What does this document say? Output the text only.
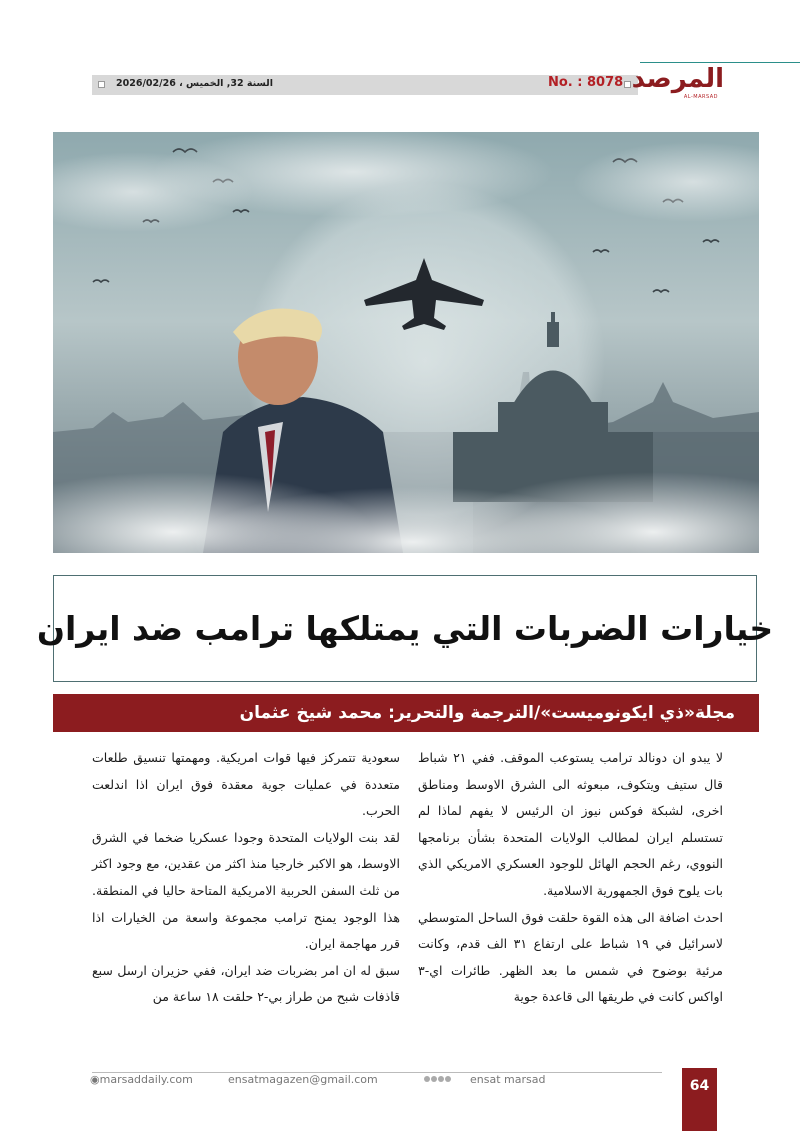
السنة 32, الخميس ، 2026/02/26	No. : 8078 المرصد
AL-MARSAD
خيارات الضربات التي يمتلكها ترامب ضد ايران
مجلة«ذي ايكونوميست»/الترجمة والتحرير: محمد شيخ عثمان

لا يبدو ان دونالد ترامب يستوعب الموقف. ففي ٢١ شباط قال ستيف ويتكوف، مبعوثه الى الشرق الاوسط ومناطق اخرى، لشبكة فوكس نيوز ان الرئيس لا يفهم لماذا لم تستسلم ايران لمطالب الولايات المتحدة بشأن برنامجها النووي، رغم الحجم الهائل للوجود العسكري الامريكي الذي بات يلوح فوق الجمهورية الاسلامية.

احدث اضافة الى هذه القوة حلقت فوق الساحل المتوسطي لاسرائيل في ١٩ شباط على ارتفاع ٣١ الف قدم، وكانت مرئية بوضوح في شمس ما بعد الظهر. طائرات اي-٣ اواكس كانت في طريقها الى قاعدة جوية

سعودية تتمركز فيها قوات امريكية. ومهمتها تنسيق طلعات متعددة في عمليات جوية معقدة فوق ايران اذا اندلعت الحرب.

لقد بنت الولايات المتحدة وجودا عسكريا ضخما في الشرق الاوسط، هو الاكبر خارجيا منذ اكثر من عقدين، مع وجود اكثر من ثلث السفن الحربية الامريكية المتاحة حاليا في المنطقة. هذا الوجود يمنح ترامب مجموعة واسعة من الخيارات اذا قرر مهاجمة ايران.

سبق له ان امر بضربات ضد ايران، ففي حزيران ارسل سبع قاذفات شبح من طراز بي-٢ حلقت ١٨ ساعة من

◉marsaddaily.com	ensatmagazen@gmail.com	ensat marsad	64
